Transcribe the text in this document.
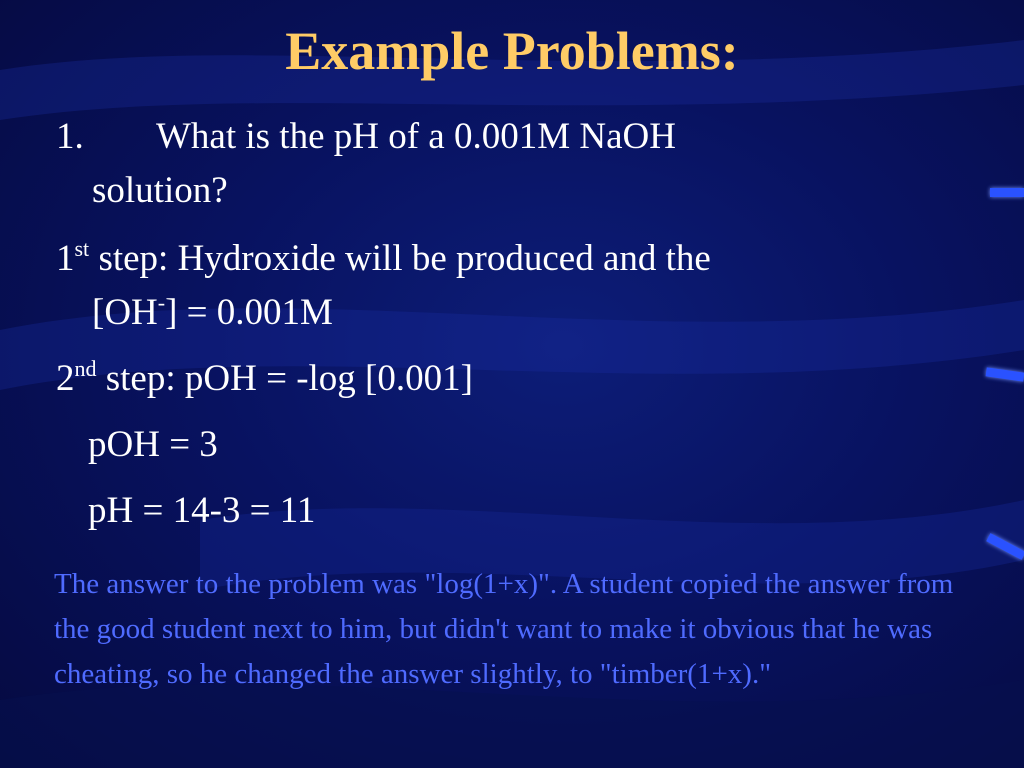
Example Problems:
1. What is the pH of a 0.001M NaOH
solution?
1st step: Hydroxide will be produced and the
[OH-] = 0.001M
2nd step: pOH = -log [0.001]
pOH = 3
pH = 14-3 = 11
The answer to the problem was "log(1+x)". A student copied the answer from the good student next to him, but didn't want to make it obvious that he was cheating, so he changed the answer slightly, to "timber(1+x)."
